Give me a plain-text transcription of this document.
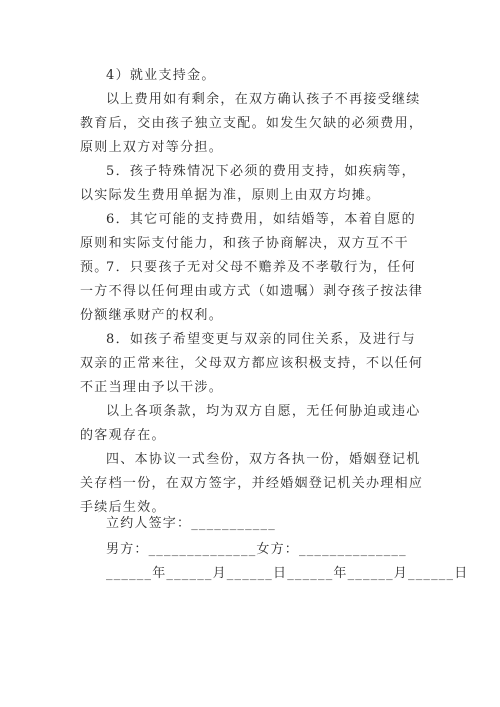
4）就业支持金。

以上费用如有剩余，在双方确认孩子不再接受继续教育后，交由孩子独立支配。如发生欠缺的必须费用，原则上双方对等分担。

5．孩子特殊情况下必须的费用支持，如疾病等，以实际发生费用单据为准，原则上由双方均摊。

6．其它可能的支持费用，如结婚等，本着自愿的原则和实际支付能力，和孩子协商解决，双方互不干预。

7．只要孩子无对父母不赡养及不孝敬行为，任何一方不得以任何理由或方式（如遗嘱）剥夺孩子按法律份额继承财产的权利。

8．如孩子希望变更与双亲的同住关系，及进行与双亲的正常来往，父母双方都应该积极支持，不以任何不正当理由予以干涉。

以上各项条款，均为双方自愿，无任何胁迫或违心的客观存在。

四、本协议一式叁份，双方各执一份，婚姻登记机关存档一份，在双方签字，并经婚姻登记机关办理相应手续后生效。

立约人签字：___________

男方：______________女方：______________

______年______月______日______年______月______日
